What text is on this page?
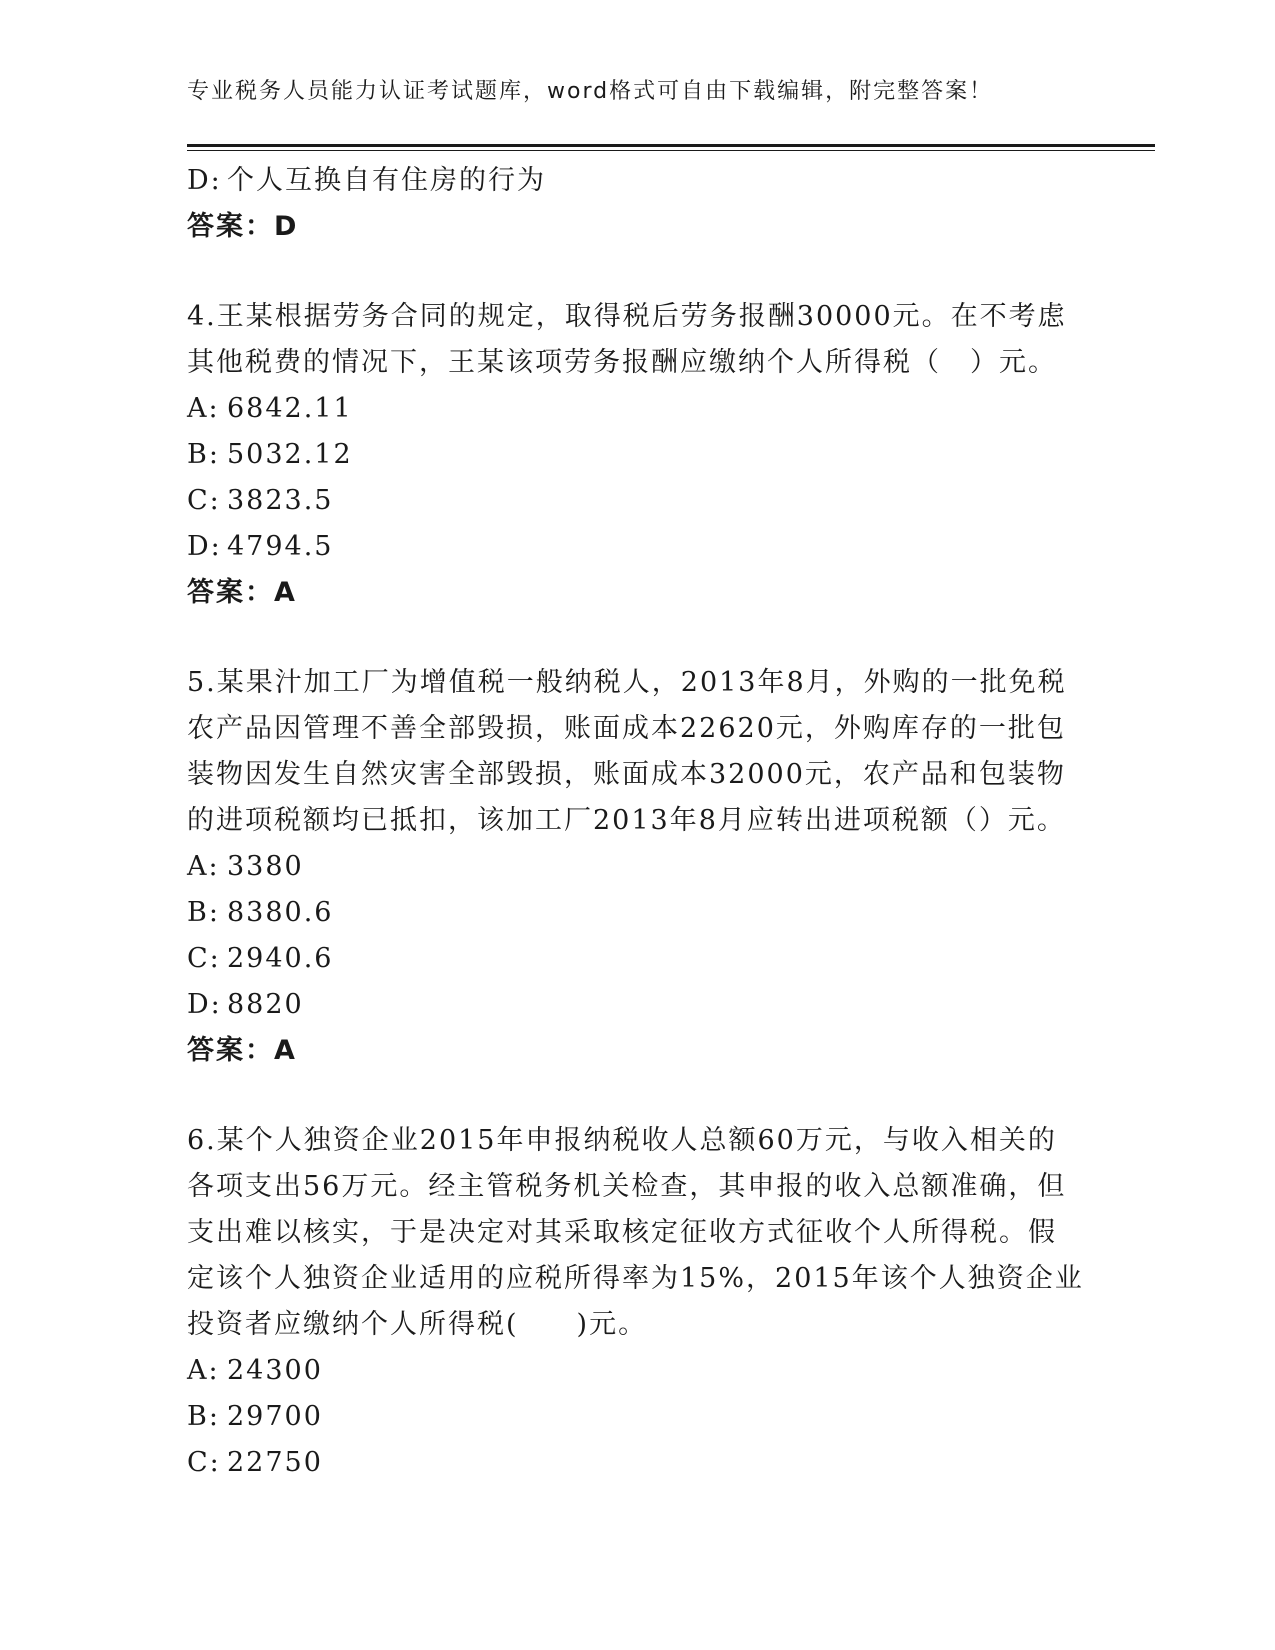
专业税务人员能力认证考试题库，word格式可自由下载编辑，附完整答案！
D: 个人互换自有住房的行为
答案：D
4.王某根据劳务合同的规定，取得税后劳务报酬30000元。在不考虑
其他税费的情况下，王某该项劳务报酬应缴纳个人所得税（　）元。
A: 6842.11
B: 5032.12
C: 3823.5
D: 4794.5
答案：A
5.某果汁加工厂为增值税一般纳税人，2013年8月，外购的一批免税
农产品因管理不善全部毁损，账面成本22620元，外购库存的一批包
装物因发生自然灾害全部毁损，账面成本32000元，农产品和包装物
的进项税额均已抵扣，该加工厂2013年8月应转出进项税额（）元。
A: 3380
B: 8380.6
C: 2940.6
D: 8820
答案：A
6.某个人独资企业2015年申报纳税收人总额60万元，与收入相关的
各项支出56万元。经主管税务机关检查，其申报的收入总额准确，但
支出难以核实，于是决定对其采取核定征收方式征收个人所得税。假
定该个人独资企业适用的应税所得率为15%，2015年该个人独资企业
投资者应缴纳个人所得税(　　)元。
A: 24300
B: 29700
C: 22750
